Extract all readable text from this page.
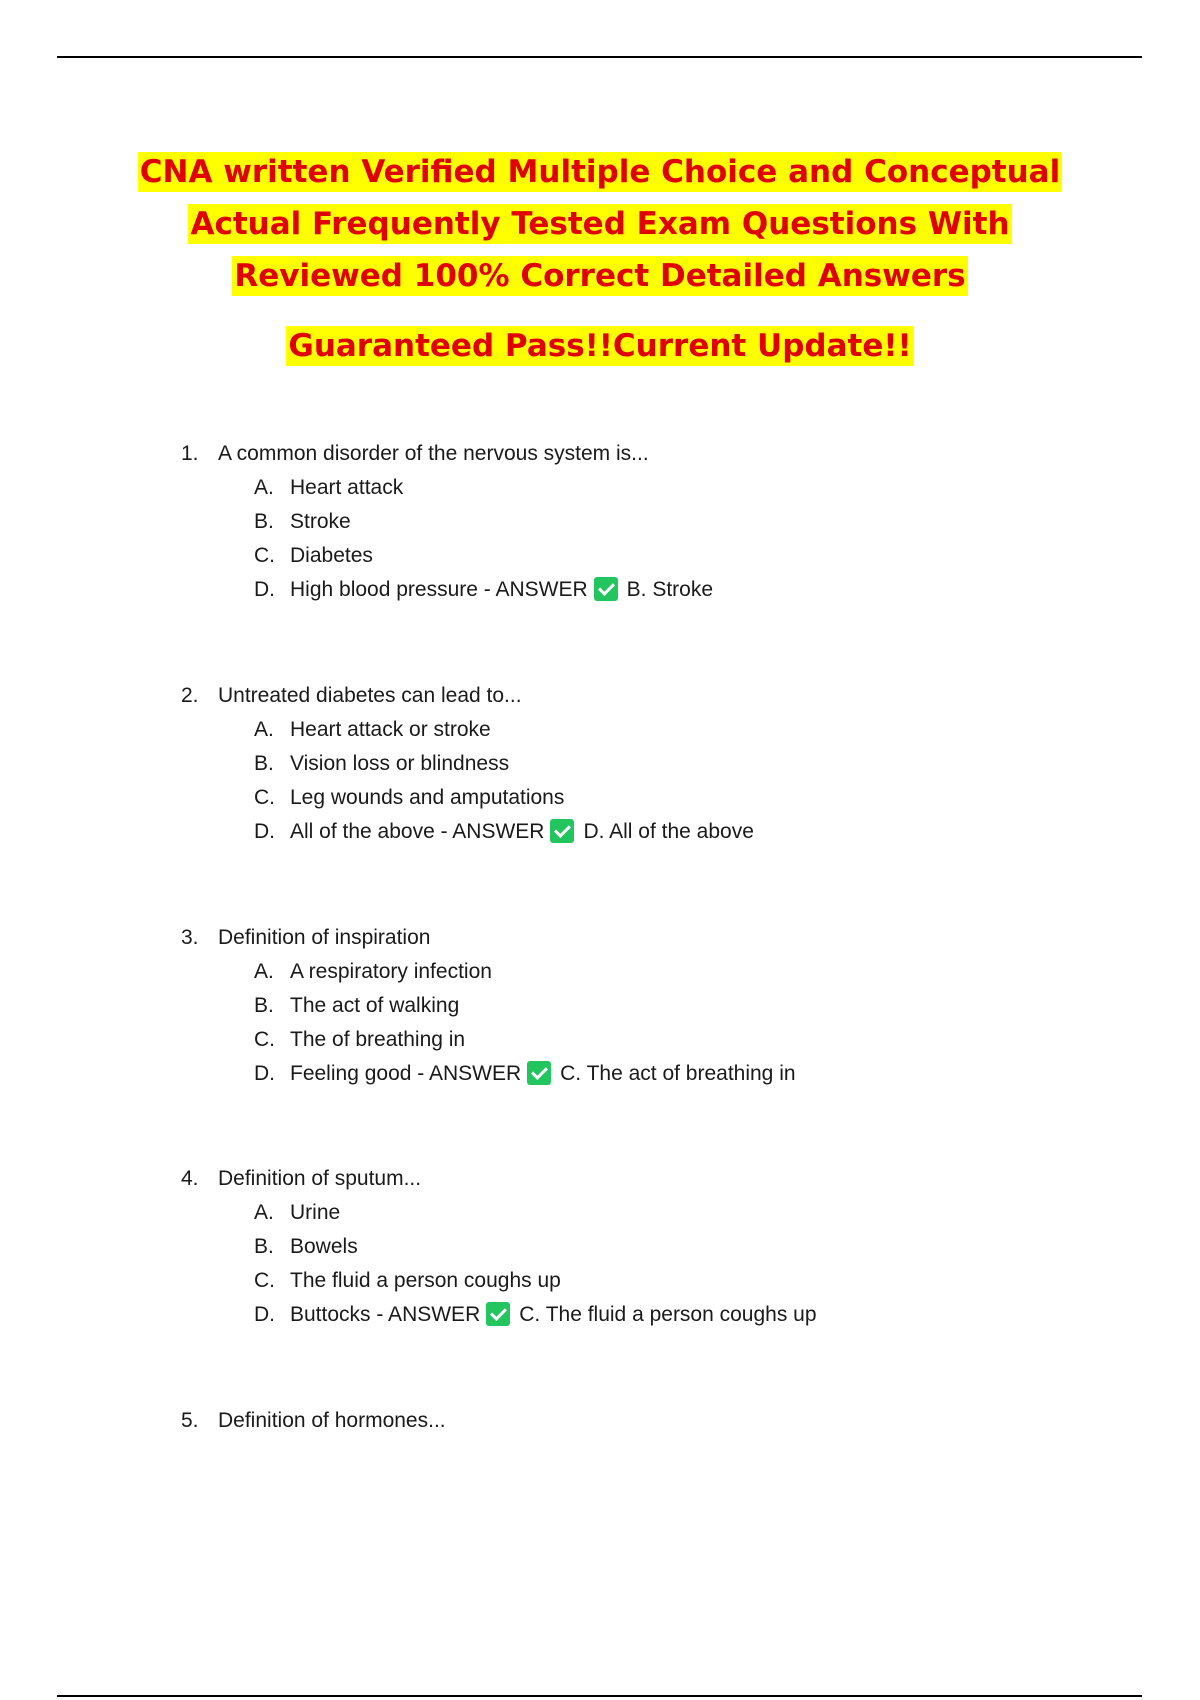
CNA written Verified Multiple Choice and Conceptual
Actual Frequently Tested Exam Questions With
Reviewed 100% Correct Detailed Answers
Guaranteed Pass!!Current Update!!
1. A common disorder of the nervous system is...
A. Heart attack
B. Stroke
C. Diabetes
D. High blood pressure - ANSWER B. Stroke
2. Untreated diabetes can lead to...
A. Heart attack or stroke
B. Vision loss or blindness
C. Leg wounds and amputations
D. All of the above - ANSWER D. All of the above
3. Definition of inspiration
A. A respiratory infection
B. The act of walking
C. The of breathing in
D. Feeling good - ANSWER C. The act of breathing in
4. Definition of sputum...
A. Urine
B. Bowels
C. The fluid a person coughs up
D. Buttocks - ANSWER C. The fluid a person coughs up
5. Definition of hormones...
